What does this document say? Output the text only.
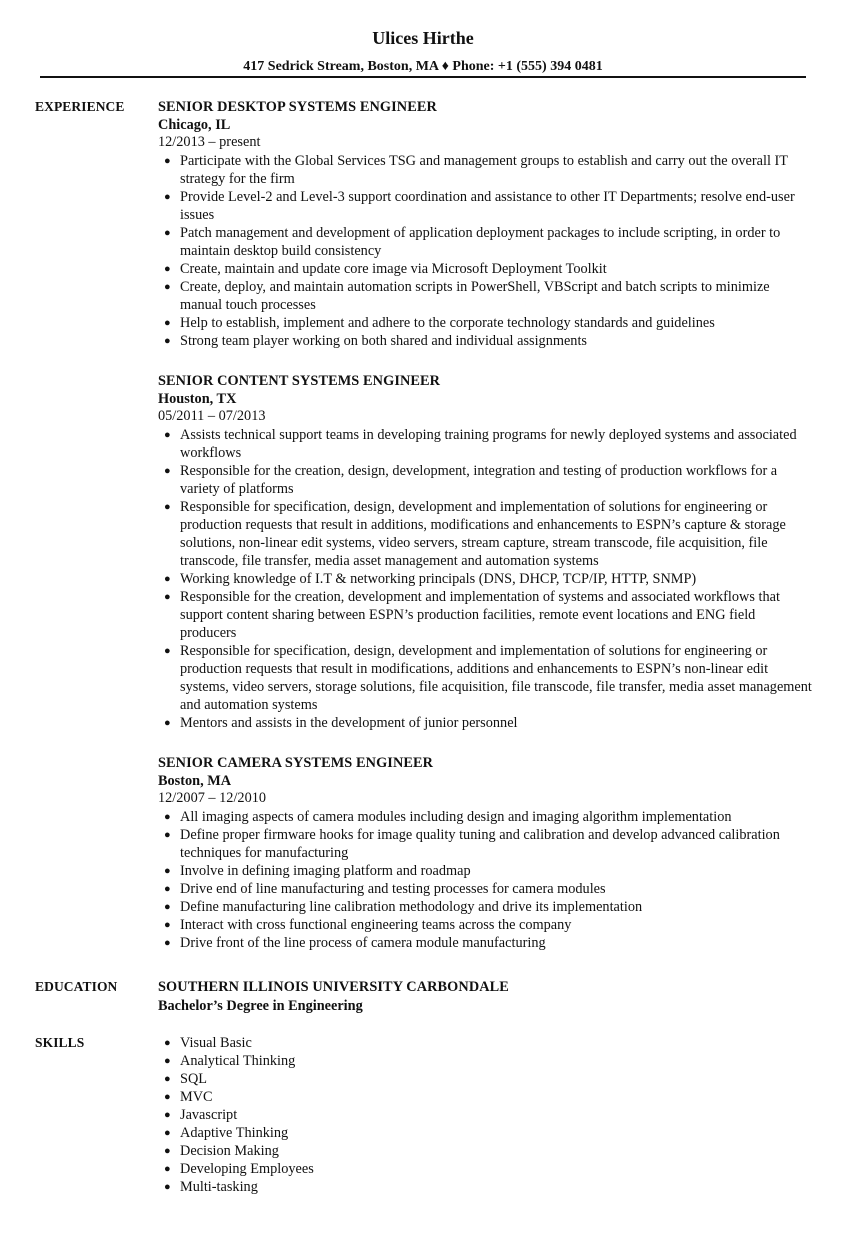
Ulices Hirthe
417 Sedrick Stream, Boston, MA ♦ Phone: +1 (555) 394 0481
EXPERIENCE SENIOR DESKTOP SYSTEMS ENGINEER
Chicago, IL
12/2013 – present
● Participate with the Global Services TSG and management groups to establish and carry out the overall IT strategy for the firm
● Provide Level-2 and Level-3 support coordination and assistance to other IT Departments; resolve end-user issues
● Patch management and development of application deployment packages to include scripting, in order to maintain desktop build consistency
● Create, maintain and update core image via Microsoft Deployment Toolkit
● Create, deploy, and maintain automation scripts in PowerShell, VBScript and batch scripts to minimize manual touch processes
● Help to establish, implement and adhere to the corporate technology standards and guidelines
● Strong team player working on both shared and individual assignments
SENIOR CONTENT SYSTEMS ENGINEER
Houston, TX
05/2011 – 07/2013
● Assists technical support teams in developing training programs for newly deployed systems and associated workflows
● Responsible for the creation, design, development, integration and testing of production workflows for a variety of platforms
● Responsible for specification, design, development and implementation of solutions for engineering or production requests that result in additions, modifications and enhancements to ESPN’s capture & storage solutions, non-linear edit systems, video servers, stream capture, stream transcode, file acquisition, file transcode, file transfer, media asset management and automation systems
● Working knowledge of I.T & networking principals (DNS, DHCP, TCP/IP, HTTP, SNMP)
● Responsible for the creation, development and implementation of systems and associated workflows that support content sharing between ESPN’s production facilities, remote event locations and ENG field producers
● Responsible for specification, design, development and implementation of solutions for engineering or production requests that result in modifications, additions and enhancements to ESPN’s non-linear edit systems, video servers, storage solutions, file acquisition, file transcode, file transfer, media asset management and automation systems
● Mentors and assists in the development of junior personnel
SENIOR CAMERA SYSTEMS ENGINEER
Boston, MA
12/2007 – 12/2010
● All imaging aspects of camera modules including design and imaging algorithm implementation
● Define proper firmware hooks for image quality tuning and calibration and develop advanced calibration techniques for manufacturing
● Involve in defining imaging platform and roadmap
● Drive end of line manufacturing and testing processes for camera modules
● Define manufacturing line calibration methodology and drive its implementation
● Interact with cross functional engineering teams across the company
● Drive front of the line process of camera module manufacturing
EDUCATION	SOUTHERN ILLINOIS UNIVERSITY CARBONDALE
Bachelor’s Degree in Engineering
SKILLS	● Visual Basic
● Analytical Thinking
● SQL
● MVC
● Javascript
● Adaptive Thinking
● Decision Making
● Developing Employees
● Multi-tasking
